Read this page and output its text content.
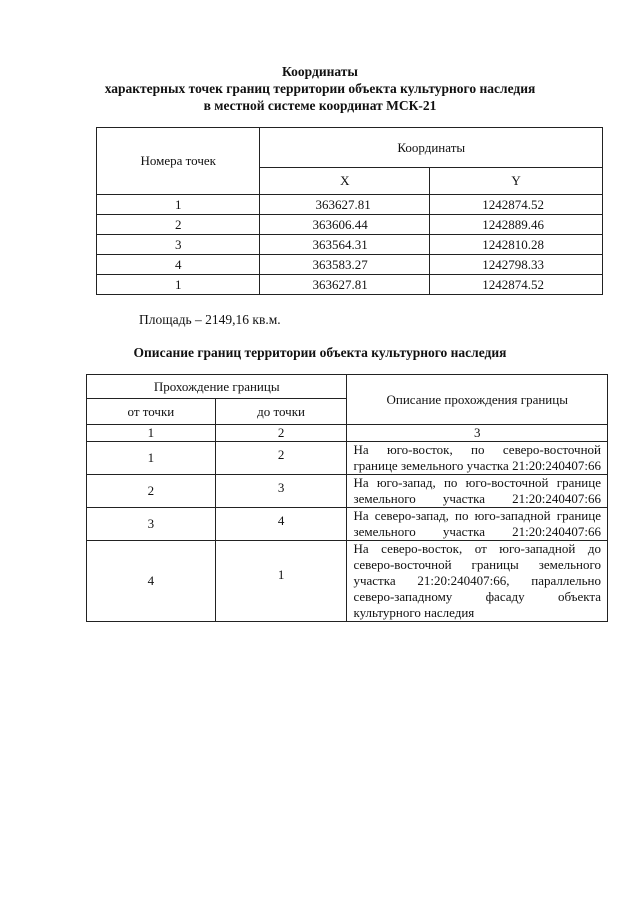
Координаты
характерных точек границ территории объекта культурного наследия
в местной системе координат МСК-21
Номера точек	Координаты	
	X	Y
1	363627.81	1242874.52
2	363606.44	1242889.46
3	363564.31	1242810.28
4	363583.27	1242798.33
1	363627.81	1242874.52
Площадь – 2149,16 кв.м.
Описание границ территории объекта культурного наследия
Прохождение границы		Описание прохождения границы
от точки	до точки	
1	2	3
1	2	На юго-восток, по северо-восточной границе земельного участка 21:20:240407:66
2	3	На юго-запад, по юго-восточной границе земельного участка 21:20:240407:66
3	4	На северо-запад, по юго-западной границе земельного участка 21:20:240407:66
4	1	На северо-восток, от юго-западной до северо-восточной границы земельного участка 21:20:240407:66, параллельно северо-западному фасаду объекта культурного наследия
